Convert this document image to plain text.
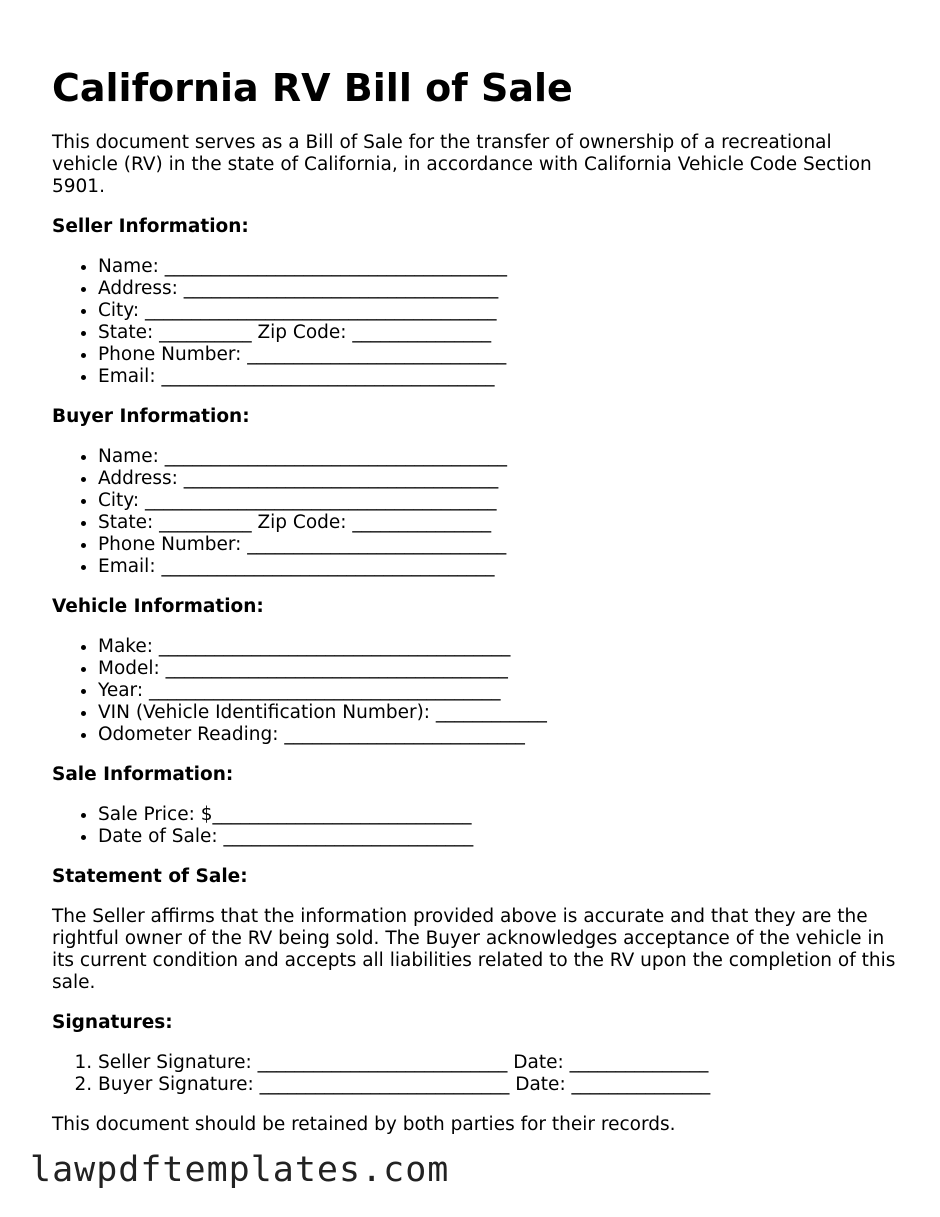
California RV Bill of Sale

This document serves as a Bill of Sale for the transfer of ownership of a recreational vehicle (RV) in the state of California, in accordance with California Vehicle Code Section 5901.

Seller Information:
• Name: _____________________________________
• Address: __________________________________
• City: ______________________________________
• State: __________ Zip Code: _______________
• Phone Number: ____________________________
• Email: ____________________________________
Buyer Information:
• Name: _____________________________________
• Address: __________________________________
• City: ______________________________________
• State: __________ Zip Code: _______________
• Phone Number: ____________________________
• Email: ____________________________________
Vehicle Information:
• Make: ______________________________________
• Model: _____________________________________
• Year: ______________________________________
• VIN (Vehicle Identification Number): ____________
• Odometer Reading: __________________________
Sale Information:
• Sale Price: $____________________________
• Date of Sale: ___________________________
Statement of Sale:

The Seller affirms that the information provided above is accurate and that they are the rightful owner of the RV being sold. The Buyer acknowledges acceptance of the vehicle in its current condition and accepts all liabilities related to the RV upon the completion of this sale.

Signatures:
1. Seller Signature: ___________________________ Date: _______________
2. Buyer Signature: ___________________________ Date: _______________

This document should be retained by both parties for their records.

lawpdftemplates.com
